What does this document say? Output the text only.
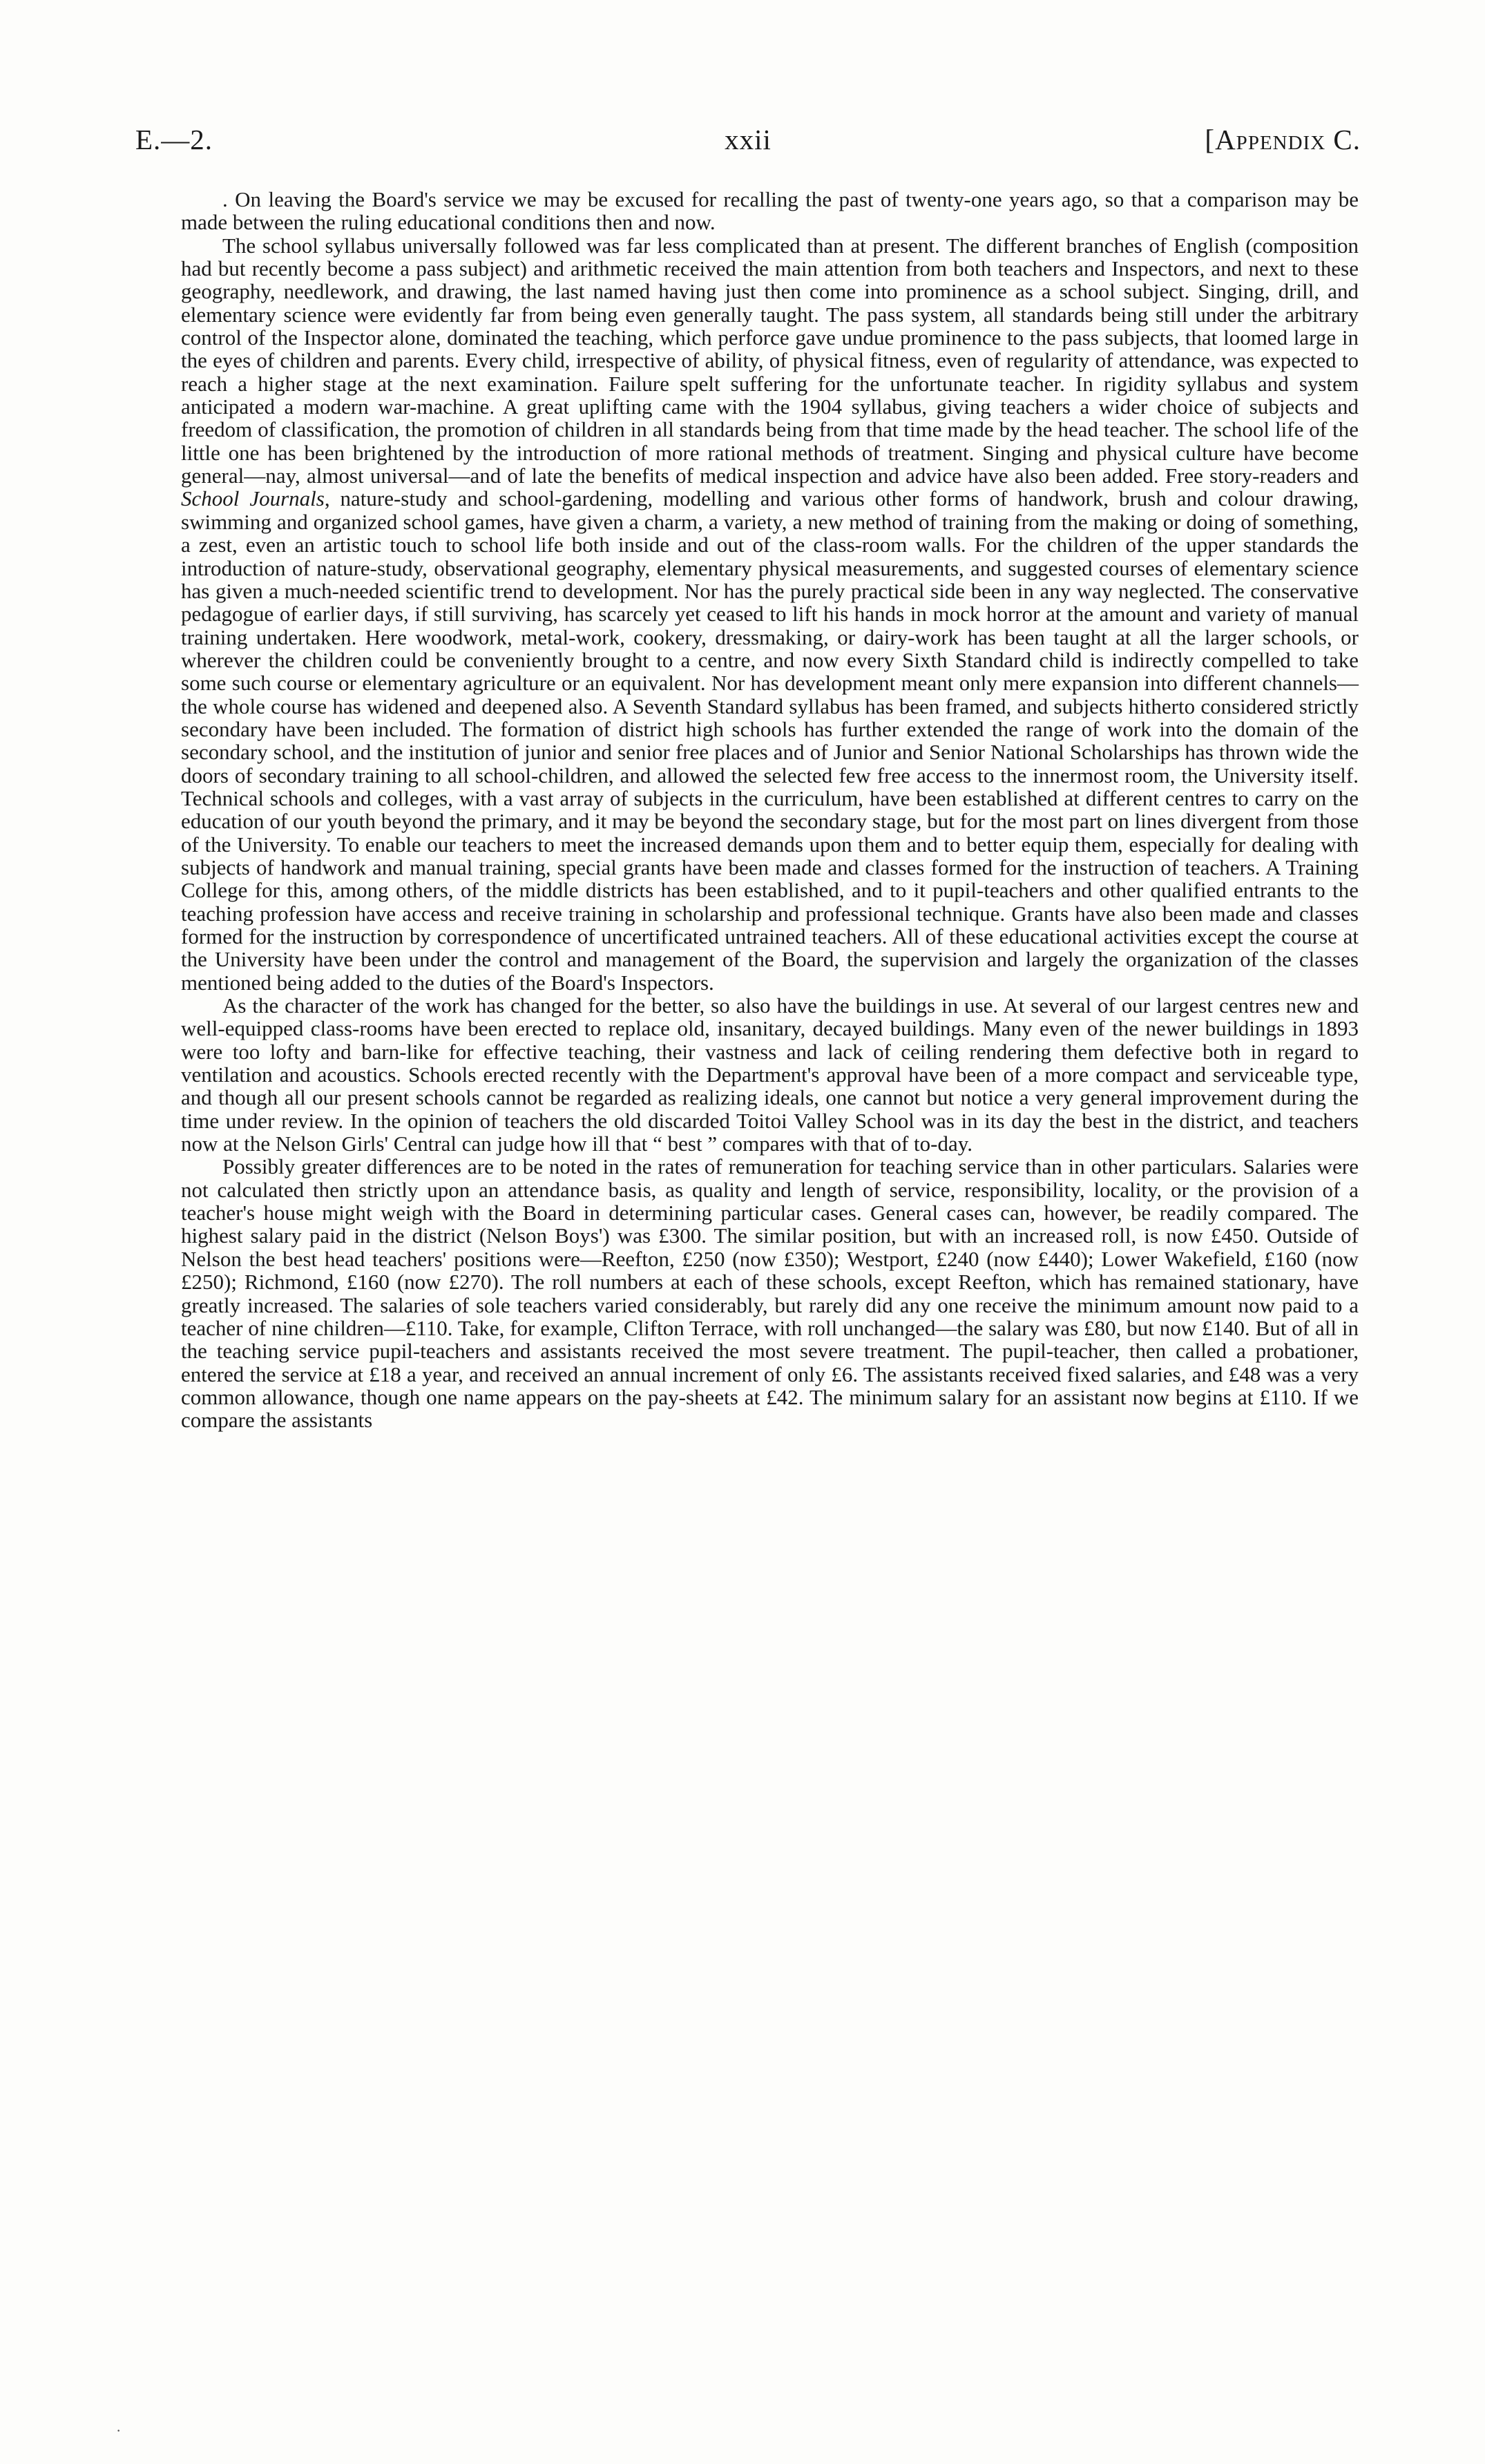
E.—2.	xxii	[Appendix C.

. On leaving the Board's service we may be excused for recalling the past of twenty-one years ago, so that a comparison may be made between the ruling educational conditions then and now.

The school syllabus universally followed was far less complicated than at present. The different branches of English (composition had but recently become a pass subject) and arithmetic received the main attention from both teachers and Inspectors, and next to these geography, needlework, and drawing, the last named having just then come into prominence as a school subject. Singing, drill, and elementary science were evidently far from being even generally taught. The pass system, all standards being still under the arbitrary control of the Inspector alone, dominated the teaching, which perforce gave undue prominence to the pass subjects, that loomed large in the eyes of children and parents. Every child, irrespective of ability, of physical fitness, even of regularity of attendance, was expected to reach a higher stage at the next examination. Failure spelt suffering for the unfortunate teacher. In rigidity syllabus and system anticipated a modern war-machine. A great uplifting came with the 1904 syllabus, giving teachers a wider choice of subjects and freedom of classification, the promotion of children in all standards being from that time made by the head teacher. The school life of the little one has been brightened by the introduction of more rational methods of treatment. Singing and physical culture have become general—nay, almost universal—and of late the benefits of medical inspection and advice have also been added. Free story-readers and School Journals, nature-study and school-gardening, modelling and various other forms of handwork, brush and colour drawing, swimming and organized school games, have given a charm, a variety, a new method of training from the making or doing of something, a zest, even an artistic touch to school life both inside and out of the class-room walls. For the children of the upper standards the introduction of nature-study, observational geography, elementary physical measurements, and suggested courses of elementary science has given a much-needed scientific trend to development. Nor has the purely practical side been in any way neglected. The conservative pedagogue of earlier days, if still surviving, has scarcely yet ceased to lift his hands in mock horror at the amount and variety of manual training undertaken. Here woodwork, metal-work, cookery, dressmaking, or dairy-work has been taught at all the larger schools, or wherever the children could be conveniently brought to a centre, and now every Sixth Standard child is indirectly compelled to take some such course or elementary agriculture or an equivalent. Nor has development meant only mere expansion into different channels—the whole course has widened and deepened also. A Seventh Standard syllabus has been framed, and subjects hitherto considered strictly secondary have been included. The formation of district high schools has further extended the range of work into the domain of the secondary school, and the institution of junior and senior free places and of Junior and Senior National Scholarships has thrown wide the doors of secondary training to all school-children, and allowed the selected few free access to the innermost room, the University itself. Technical schools and colleges, with a vast array of subjects in the curriculum, have been established at different centres to carry on the education of our youth beyond the primary, and it may be beyond the secondary stage, but for the most part on lines divergent from those of the University. To enable our teachers to meet the increased demands upon them and to better equip them, especially for dealing with subjects of handwork and manual training, special grants have been made and classes formed for the instruction of teachers. A Training College for this, among others, of the middle districts has been established, and to it pupil-teachers and other qualified entrants to the teaching profession have access and receive training in scholarship and professional technique. Grants have also been made and classes formed for the instruction by correspondence of uncertificated untrained teachers. All of these educational activities except the course at the University have been under the control and management of the Board, the supervision and largely the organization of the classes mentioned being added to the duties of the Board's Inspectors.

As the character of the work has changed for the better, so also have the buildings in use. At several of our largest centres new and well-equipped class-rooms have been erected to replace old, insanitary, decayed buildings. Many even of the newer buildings in 1893 were too lofty and barn-like for effective teaching, their vastness and lack of ceiling rendering them defective both in regard to ventilation and acoustics. Schools erected recently with the Department's approval have been of a more compact and serviceable type, and though all our present schools cannot be regarded as realizing ideals, one cannot but notice a very general improvement during the time under review. In the opinion of teachers the old discarded Toitoi Valley School was in its day the best in the district, and teachers now at the Nelson Girls' Central can judge how ill that “ best ” compares with that of to-day.

Possibly greater differences are to be noted in the rates of remuneration for teaching service than in other particulars. Salaries were not calculated then strictly upon an attendance basis, as quality and length of service, responsibility, locality, or the provision of a teacher's house might weigh with the Board in determining particular cases. General cases can, however, be readily compared. The highest salary paid in the district (Nelson Boys') was £300. The similar position, but with an increased roll, is now £450. Outside of Nelson the best head teachers' positions were—Reefton, £250 (now £350); Westport, £240 (now £440); Lower Wakefield, £160 (now £250); Richmond, £160 (now £270). The roll numbers at each of these schools, except Reefton, which has remained stationary, have greatly increased. The salaries of sole teachers varied considerably, but rarely did any one receive the minimum amount now paid to a teacher of nine children—£110. Take, for example, Clifton Terrace, with roll unchanged—the salary was £80, but now £140. But of all in the teaching service pupil-teachers and assistants received the most severe treatment. The pupil-teacher, then called a probationer, entered the service at £18 a year, and received an annual increment of only £6. The assistants received fixed salaries, and £48 was a very common allowance, though one name appears on the pay-sheets at £42. The minimum salary for an assistant now begins at £110. If we compare the assistants

·
